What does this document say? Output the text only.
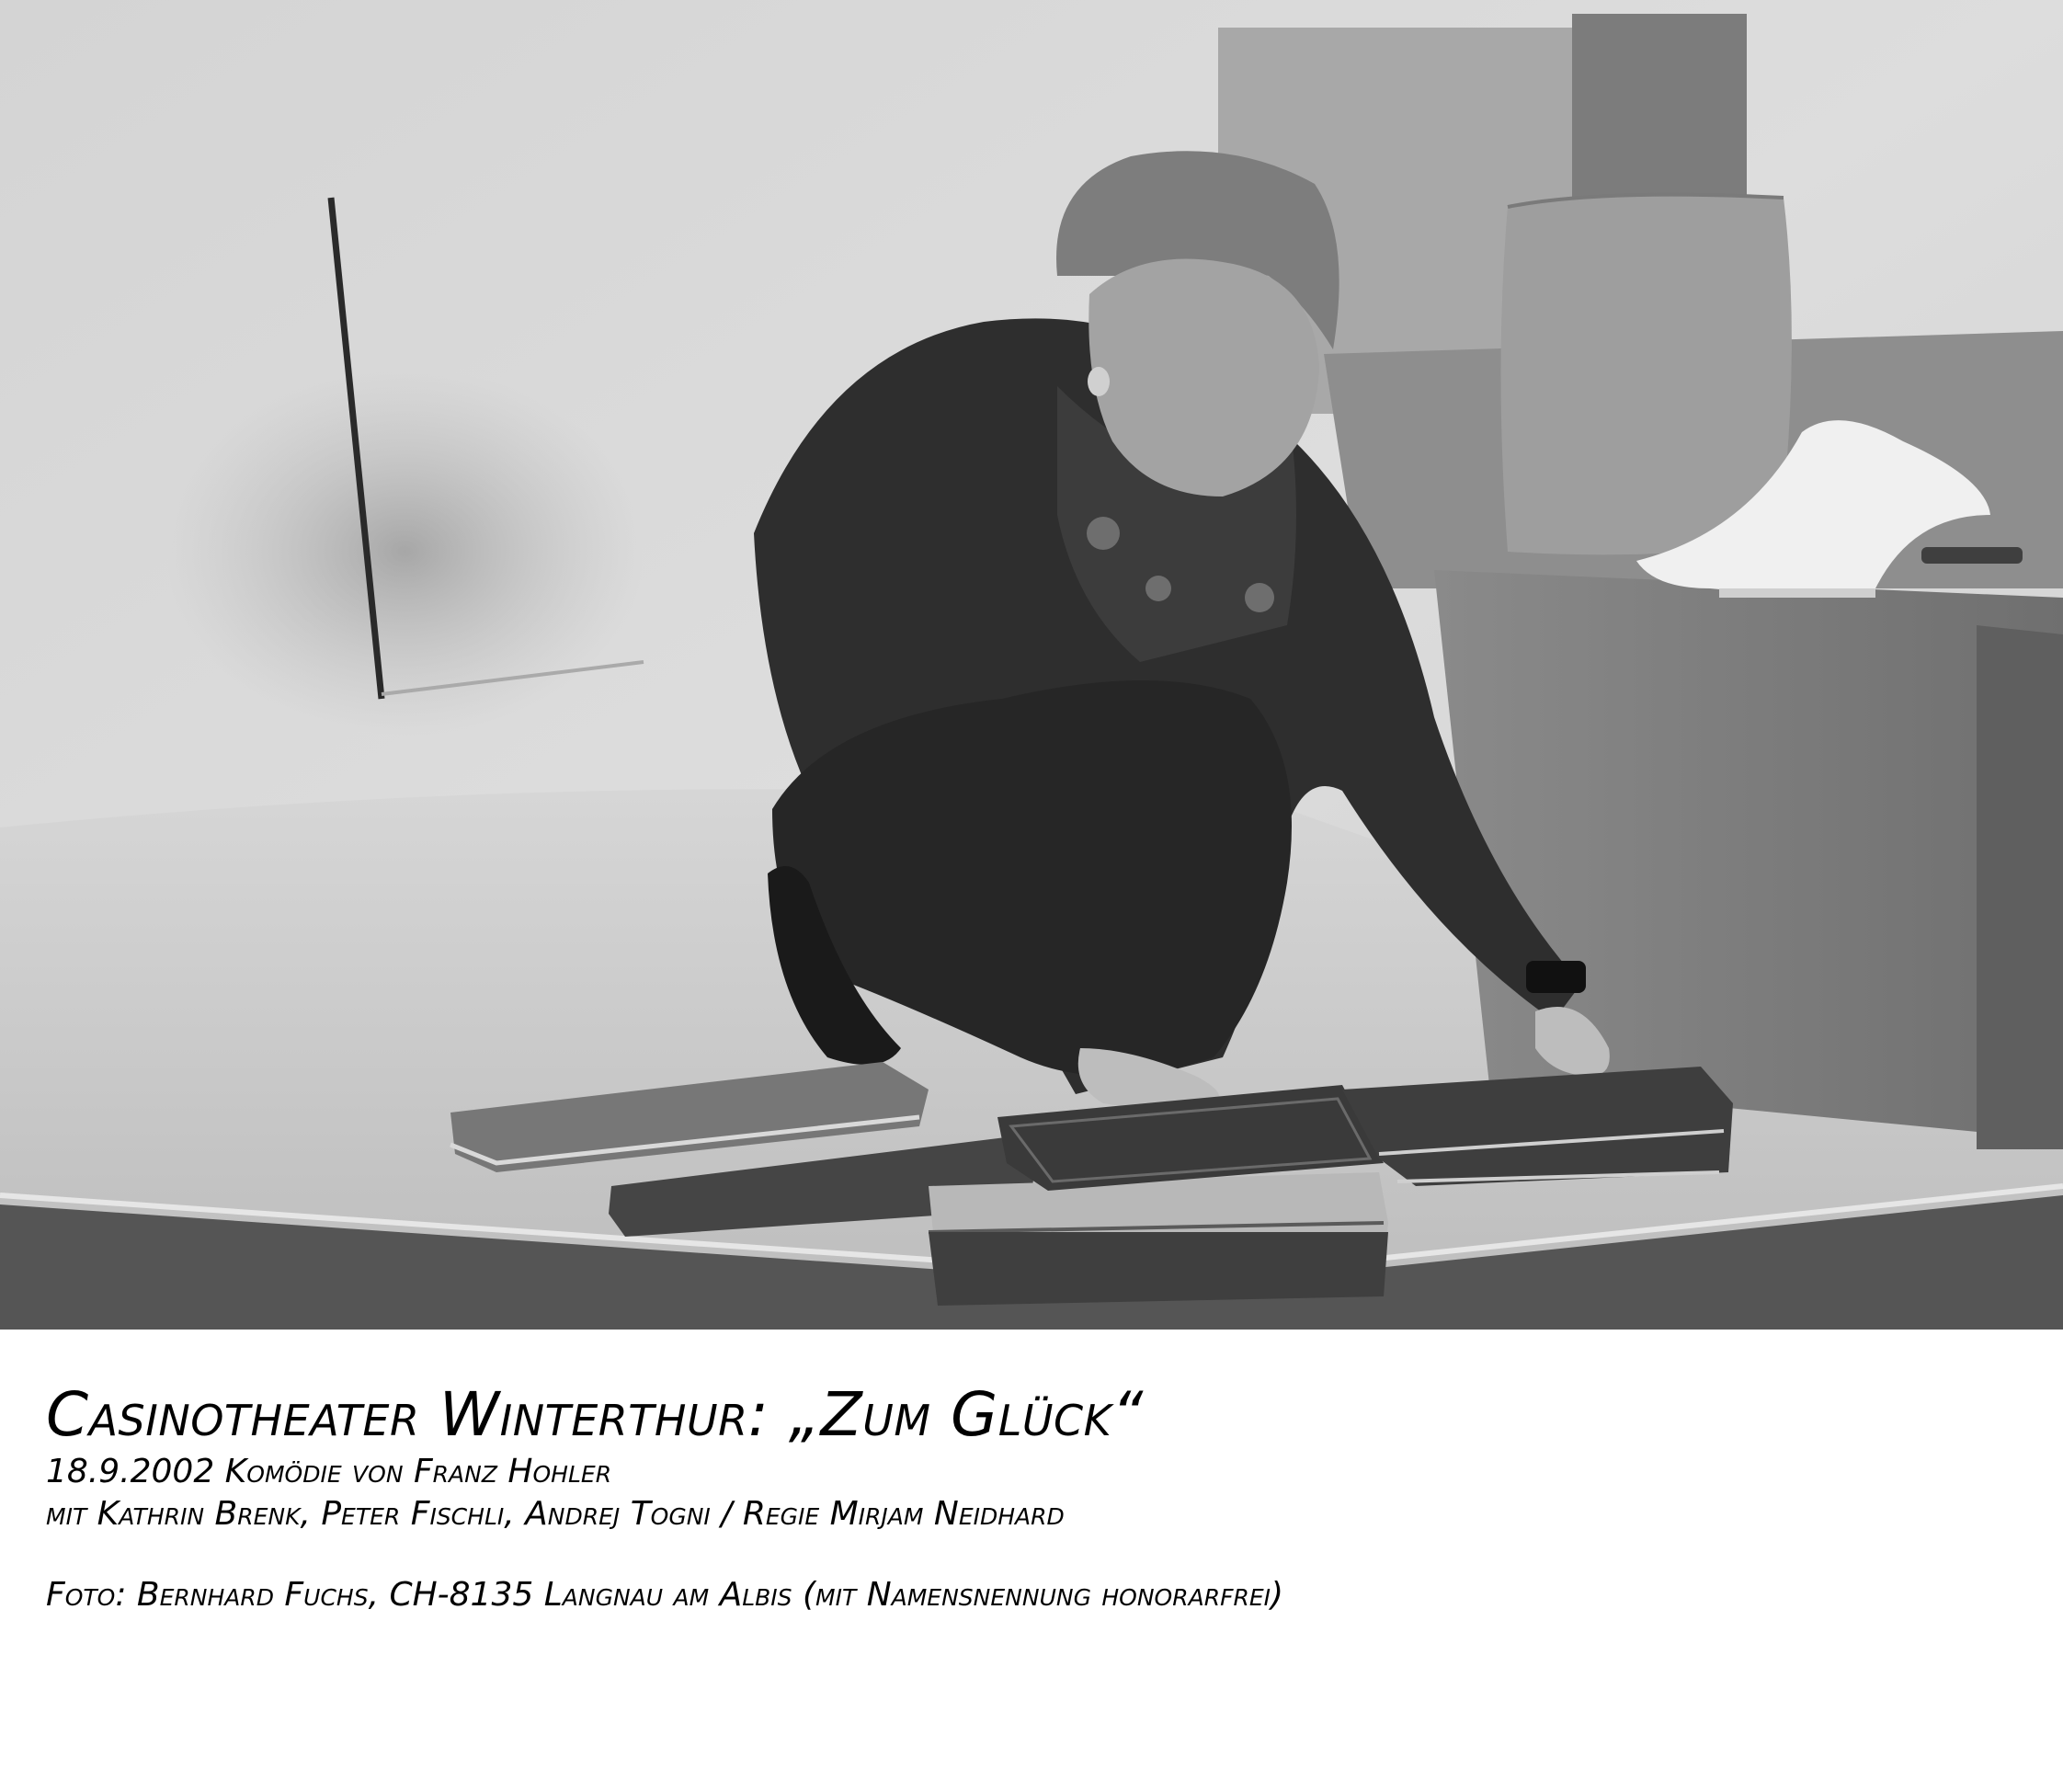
Casinotheater Winterthur: „Zum Glück“
18.9.2002 Komödie von Franz Hohler
mit Kathrin Brenk, Peter Fischli, Andrej Togni / Regie Mirjam Neidhard
Foto: Bernhard Fuchs, CH-8135 Langnau am Albis (mit Namensnennung honorarfrei)
